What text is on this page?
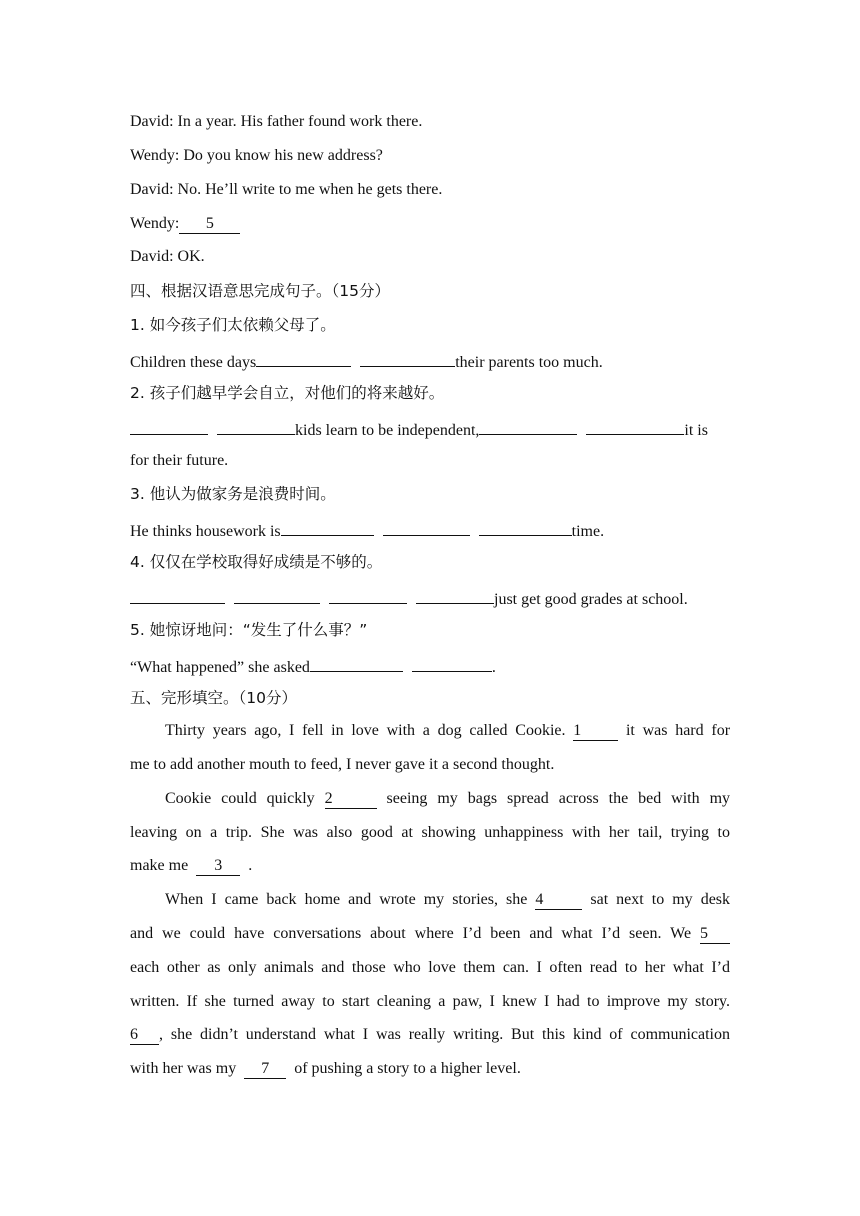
David: In a year. His father found work there.
Wendy: Do you know his new address?
David: No. He’ll write to me when he gets there.
Wendy: 5
David: OK.
四、根据汉语意思完成句子。（15分）
1. 如今孩子们太依赖父母了。
Children these days	their parents too much.
2. 孩子们越早学会自立，对他们的将来越好。
kids learn to be independent,	it is
for their future.
3. 他认为做家务是浪费时间。
He thinks housework is	time.
4. 仅仅在学校取得好成绩是不够的。
just get good grades at school.
5. 她惊讶地问：“发生了什么事？”
“What happened” she asked	.
五、完形填空。（10分）
Thirty years ago, I fell in love with a dog called Cookie. 1	it was hard for
me to add another mouth to feed, I never gave it a second thought.
Cookie could quickly 2	seeing my bags spread across the bed with my
leaving on a trip. She was also good at showing unhappiness with her tail, trying to
make me 3 .
When I came back home and wrote my stories, she 4	sat next to my desk
and we could have conversations about where I’d been and what I’d seen. We 5
each other as only animals and those who love them can. I often read to her what I’d
written. If she turned away to start cleaning a paw, I knew I had to improve my story.
6 , she didn’t understand what I was really writing. But this kind of communication
with her was my 7 of pushing a story to a higher level.
